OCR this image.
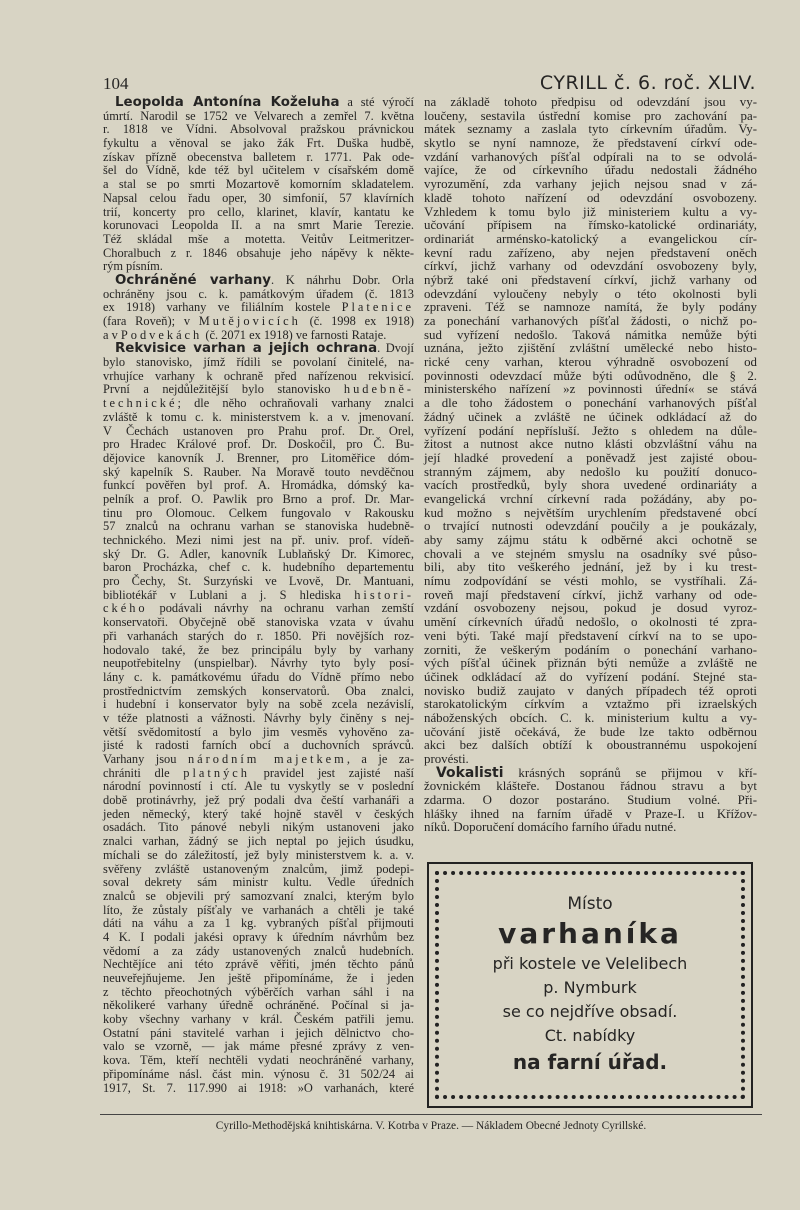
104	CYRILL č. 6. roč. XLIV.
Leopolda Antonína Koželuha a sté výročí
úmrtí. Narodil se 1752 ve Velvarech a zemřel 7. května
r. 1818 ve Vídni. Absolvoval pražskou právnickou
fykultu a věnoval se jako žák Frt. Duška hudbě,
získav přízně obecenstva balletem r. 1771. Pak ode-
šel do Vídně, kde též byl učitelem v císařském domě
a stal se po smrti Mozartově komorním skladatelem.
Napsal celou řadu oper, 30 simfonií, 57 klavírních
trií, koncerty pro cello, klarinet, klavír, kantatu ke
korunovaci Leopolda II. a na smrt Marie Terezie.
Též skládal mše a motetta. Veitův Leitmeritzer-
Choralbuch z r. 1846 obsahuje jeho nápěvy k někte-
rým písním.
Ochráněné varhany. K náhrhu Dobr. Orla
ochráněny jsou c. k. památkovým úřadem (č. 1813
ex 1918) varhany ve filiálním kostele Platenice
(fara Roveň); v Mutějovicích (č. 1998 ex 1918)
a v Podvekách (č. 2071 ex 1918) ve farnosti Rataje.
Rekvisice varhan a jejich ochrana. Dvojí
bylo stanovisko, jímž řídili se povolaní činitelé, na-
vrhujíce varhany k ochraně před nařízenou rekvisicí.
První a nejdůležitější bylo stanovisko hudebně-
technické; dle něho ochraňovali varhany znalci
zvláště k tomu c. k. ministerstvem k. a v. jmenovaní.
V Čechách ustanoven pro Prahu prof. Dr. Orel,
pro Hradec Králové prof. Dr. Doskočil, pro Č. Bu-
dějovice kanovník J. Brenner, pro Litoměřice dóm-
ský kapelník S. Rauber. Na Moravě touto nevděčnou
funkcí pověřen byl prof. A. Hromádka, dómský ka-
pelník a prof. O. Pawlik pro Brno a prof. Dr. Mar-
tinu pro Olomouc. Celkem fungovalo v Rakousku
57 znalců na ochranu varhan se stanoviska hudebně-
technického. Mezi nimi jest na př. univ. prof. vídeň-
ský Dr. G. Adler, kanovník Lublaňský Dr. Kimorec,
baron Procházka, chef c. k. hudebního departementu
pro Čechy, St. Surzyński ve Lvově, Dr. Mantuani,
bibliotékář v Lublani a j. S hlediska histori-
ckého podávali návrhy na ochranu varhan zemští
konservatoři. Obyčejně obě stanoviska vzata v úvahu
při varhanách starých do r. 1850. Při novějších roz-
hodovalo také, že bez principálu byly by varhany
neupotřebitelny (unspielbar). Návrhy tyto byly posí-
lány c. k. památkovému úřadu do Vídně přímo nebo
prostřednictvím zemských konservatorů. Oba znalci,
i hudební i konservator byly na sobě zcela nezávislí,
v téže platnosti a vážnosti. Návrhy byly činěny s nej-
větší svědomitostí a bylo jim vesměs vyhověno za-
jisté k radosti farních obcí a duchovních správců.
Varhany jsou národním majetkem, a je za-
chrániti dle platných pravidel jest zajisté naší
národní povinností i ctí. Ale tu vyskytly se v poslední
době protinávrhy, jež prý podali dva čeští varhanáři a
jeden německý, který také hojně stavěl v českých
osadách. Tito pánové nebyli nikým ustanoveni jako
znalci varhan, žádný se jich neptal po jejich úsudku,
míchali se do záležitostí, jež byly ministerstvem k. a. v.
svěřeny zvláště ustanoveným znalcům, jimž podepi-
soval dekrety sám ministr kultu. Vedle úředních
znalců se objevili prý samozvaní znalci, kterým bylo
líto, že zůstaly píšťaly ve varhanách a chtěli je také
dáti na váhu a za 1 kg. vybraných píšťal přijmouti
4 K. I podali jakési opravy k úředním návrhům bez
vědomí a za zády ustanovených znalců hudebních.
Nechtějíce ani této zprávě věřiti, jmén těchto pánů
neuveřejňujeme. Jen ještě připomínáme, že i jeden
z těchto přeochotných výběrčích varhan sáhl i na
několikeré varhany úředně ochráněné. Počínal si ja-
koby všechny varhany v král. Českém patřili jemu.
Ostatní páni stavitelé varhan i jejich dělnictvo cho-
valo se vzorně, — jak máme přesné zprávy z ven-
kova. Těm, kteří nechtěli vydati neochráněné varhany,
připomínáme násl. část min. výnosu č. 31 502/24 ai
1917, St. 7. 117.990 ai 1918: »O varhanách, které
na základě tohoto předpisu od odevzdání jsou vy-
loučeny, sestavila ústřední komise pro zachování pa-
mátek seznamy a zaslala tyto církevním úřadům. Vy-
skytlo se nyní namnoze, že představení církví ode-
vzdání varhanových píšťal odpírali na to se odvolá-
vajíce, že od církevního úřadu nedostali žádného
vyrozumění, zda varhany jejich nejsou snad v zá-
kladě tohoto nařízení od odevzdání osvobozeny.
Vzhledem k tomu bylo již ministeriem kultu a vy-
učování přípisem na římsko-katolické ordinariáty,
ordinariát arménsko-katolický a evangelickou cír-
kevní radu zařízeno, aby nejen představení oněch
církví, jichž varhany od odevzdání osvobozeny byly,
nýbrž také oni představení církví, jichž varhany od
odevzdání vyloučeny nebyly o této okolnosti byli
zpraveni. Též se namnoze namítá, že byly podány
za ponechání varhanových píšťal žádosti, o nichž po-
sud vyřízení nedošlo. Taková námitka nemůže býti
uznána, ježto zjištění zvláštní umělecké nebo histo-
rické ceny varhan, kterou výhradně osvobození od
povinnosti odevzdací může býti odůvodněno, dle § 2.
ministerského nařízení »z povinnosti úřední« se stává
a dle toho žádostem o ponechání varhanových píšťal
žádný učinek a zvláště ne účinek odkládací až do
vyřízení podání nepřísluší. Ježto s ohledem na důle-
žitost a nutnost akce nutno klásti obzvláštní váhu na
její hladké provedení a poněvadž jest zajisté obou-
stranným zájmem, aby nedošlo ku použití donuco-
vacích prostředků, byly shora uvedené ordinariáty a
evangelická vrchní církevní rada požádány, aby po-
kud možno s největším urychlením představené obcí
o trvající nutnosti odevzdání poučily a je poukázaly,
aby samy zájmu státu k odběrné akci ochotně se
chovali a ve stejném smyslu na osadníky své půso-
bili, aby tito veškerého jednání, jež by i ku trest-
nímu zodpovídání se vésti mohlo, se vystříhali. Zá-
roveň mají představení církví, jichž varhany od ode-
vzdání osvobozeny nejsou, pokud je dosud vyroz-
umění církevních úřadů nedošlo, o okolnosti té zpra-
veni býti. Také mají představení církví na to se upo-
zorniti, že veškerým podáním o ponechání varhano-
vých píšťal účinek přiznán býti nemůže a zvláště ne
účinek odkládací až do vyřízení podání. Stejné sta-
novisko budiž zaujato v daných případech též oproti
starokatolickým církvím a vztažmo při izraelských
náboženských obcích. C. k. ministerium kultu a vy-
učování jistě očekává, že bude lze takto odběrnou
akci bez dalších obtíží k oboustrannému uspokojení
provésti.
Vokalisti krásných sopránů se přijmou v kří-
žovnickém klášteře. Dostanou řádnou stravu a byt
zdarma. O dozor postaráno. Studium volné. Při-
hlášky ihned na farním úřadě v Praze-I. u Křížov-
níků. Doporučení domácího farního úřadu nutné.
Místo
varhaníka
při kostele ve Velelibech
p. Nymburk
se co nejdříve obsadí.
Ct. nabídky
na farní úřad.
Cyrillo-Methodějská knihtiskárna. V. Kotrba v Praze. — Nákladem Obecné Jednoty Cyrillské.
